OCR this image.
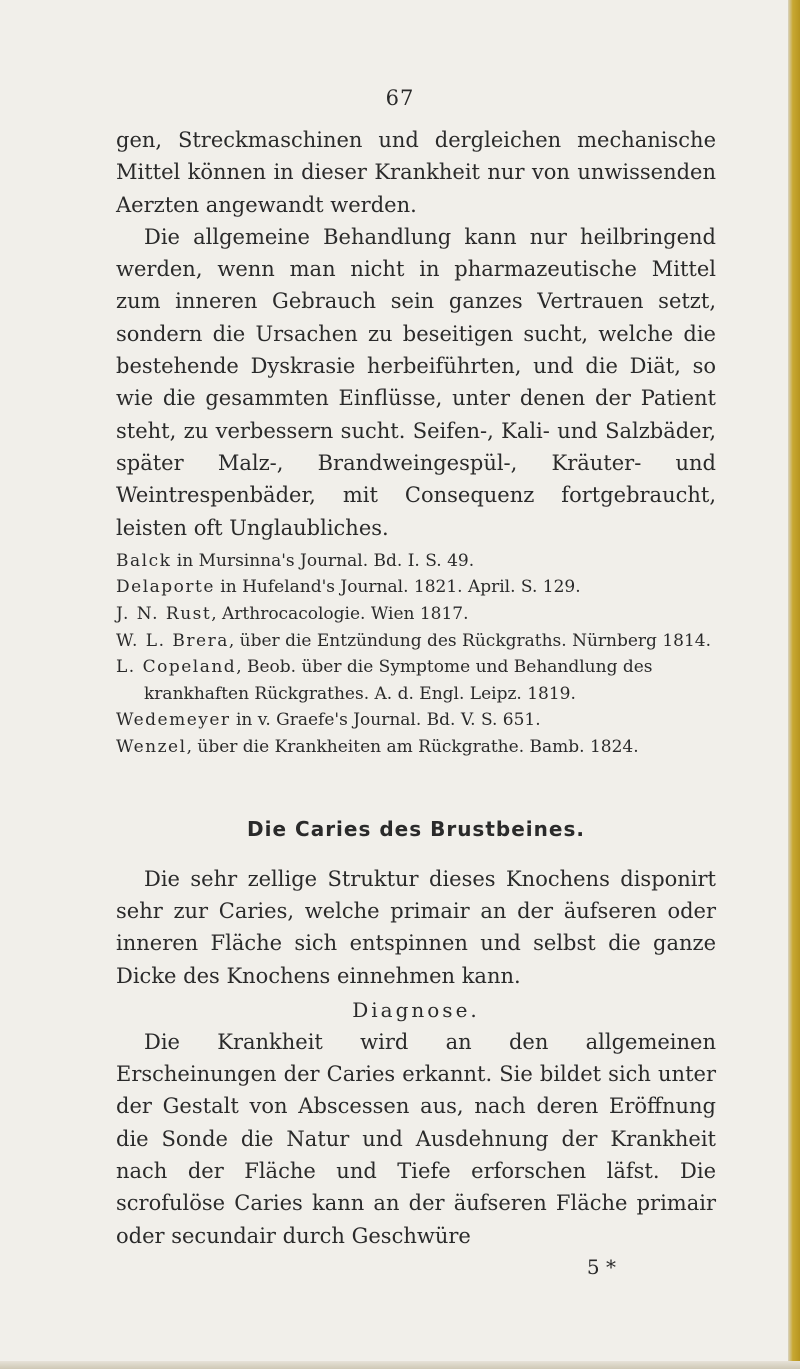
67

gen, Streckmaschinen und dergleichen mechanische Mittel können in dieser Krankheit nur von unwissenden Aerzten angewandt werden.

Die allgemeine Behandlung kann nur heilbringend werden, wenn man nicht in pharmazeutische Mittel zum inneren Gebrauch sein ganzes Vertrauen setzt, sondern die Ursachen zu beseitigen sucht, welche die bestehende Dyskrasie herbeiführten, und die Diät, so wie die gesammten Einflüsse, unter denen der Patient steht, zu verbessern sucht. Seifen-, Kali- und Salzbäder, später Malz-, Brandweingespül-, Kräuter- und Weintrespenbäder, mit Consequenz fortgebraucht, leisten oft Unglaubliches.

Balck in Mursinna's Journal. Bd. I. S. 49.

Delaporte in Hufeland's Journal. 1821. April. S. 129.

J. N. Rust, Arthrocacologie. Wien 1817.

W. L. Brera, über die Entzündung des Rückgraths. Nürnberg 1814.

L. Copeland, Beob. über die Symptome und Behandlung des krankhaften Rückgrathes. A. d. Engl. Leipz. 1819.

Wedemeyer in v. Graefe's Journal. Bd. V. S. 651.

Wenzel, über die Krankheiten am Rückgrathe. Bamb. 1824.

Die Caries des Brustbeines.

Die sehr zellige Struktur dieses Knochens disponirt sehr zur Caries, welche primair an der äufseren oder inneren Fläche sich entspinnen und selbst die ganze Dicke des Knochens einnehmen kann.

Diagnose.

Die Krankheit wird an den allgemeinen Erscheinungen der Caries erkannt. Sie bildet sich unter der Gestalt von Abscessen aus, nach deren Eröffnung die Sonde die Natur und Ausdehnung der Krankheit nach der Fläche und Tiefe erforschen läfst. Die scrofulöse Caries kann an der äufseren Fläche primair oder secundair durch Geschwüre

5 *
